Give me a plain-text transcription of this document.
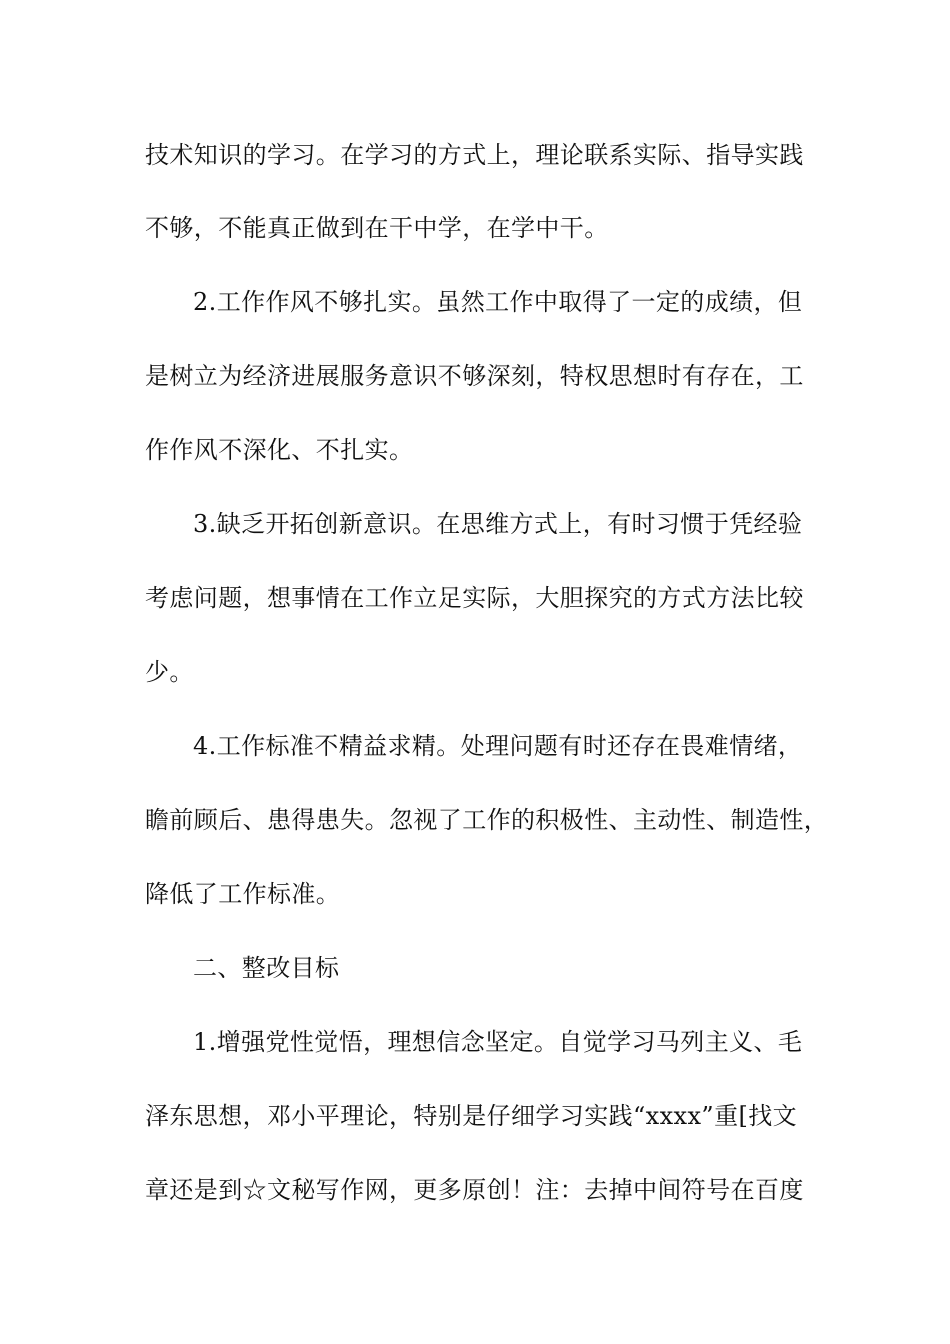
技术知识的学习。在学习的方式上，理论联系实际、指导实践
不够，不能真正做到在干中学，在学中干。
2.工作作风不够扎实。虽然工作中取得了一定的成绩，但
是树立为经济进展服务意识不够深刻，特权思想时有存在，工
作作风不深化、不扎实。
3.缺乏开拓创新意识。在思维方式上，有时习惯于凭经验
考虑问题，想事情在工作立足实际，大胆探究的方式方法比较
少。
4.工作标准不精益求精。处理问题有时还存在畏难情绪，
瞻前顾后、患得患失。忽视了工作的积极性、主动性、制造性，
降低了工作标准。
二、整改目标
1.增强党性觉悟，理想信念坚定。自觉学习马列主义、毛
泽东思想，邓小平理论，特别是仔细学习实践“xxxx”重[找文
章还是到☆文秘写作网，更多原创！注：去掉中间符号在百度
